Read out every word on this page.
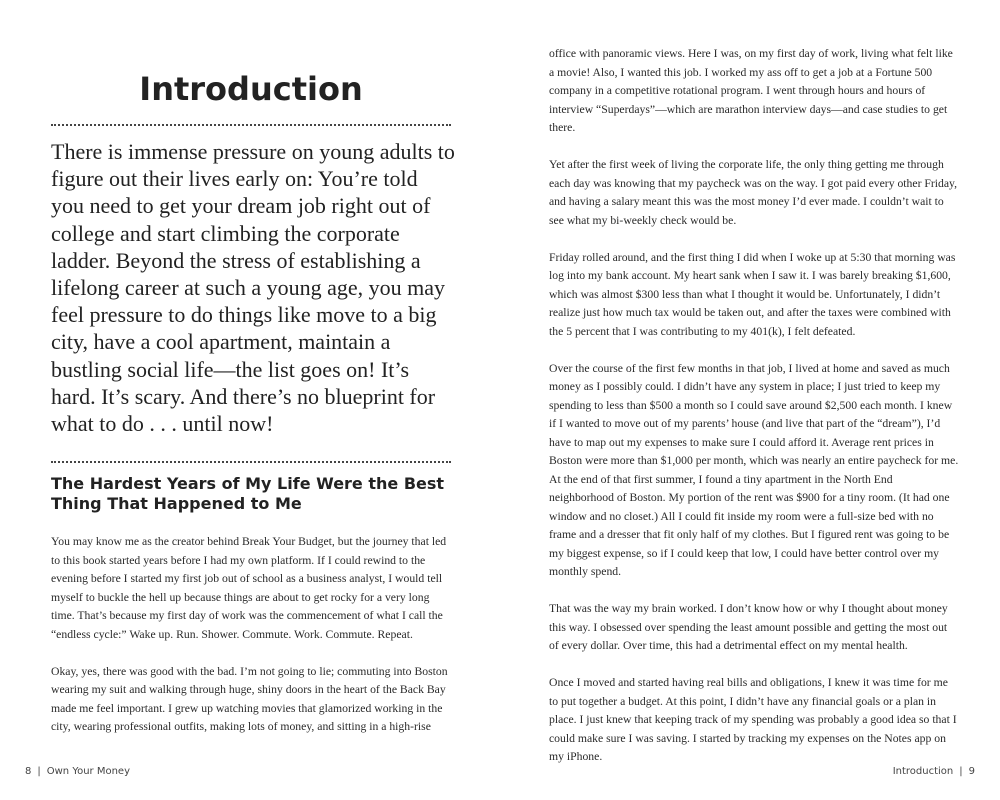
Introduction

There is immense pressure on young adults to figure out their lives early on: You’re told you need to get your dream job right out of college and start climbing the corporate ladder. Beyond the stress of establishing a lifelong career at such a young age, you may feel pressure to do things like move to a big city, have a cool apartment, maintain a bustling social life—the list goes on! It’s hard. It’s scary. And there’s no blueprint for what to do . . . until now!

The Hardest Years of My Life Were the Best Thing That Happened to Me

You may know me as the creator behind Break Your Budget, but the journey that led to this book started years before I had my own platform. If I could rewind to the evening before I started my first job out of school as a business analyst, I would tell myself to buckle the hell up because things are about to get rocky for a very long time. That’s because my first day of work was the commencement of what I call the “endless cycle:” Wake up. Run. Shower. Commute. Work. Commute. Repeat.

Okay, yes, there was good with the bad. I’m not going to lie; commuting into Boston wearing my suit and walking through huge, shiny doors in the heart of the Back Bay made me feel important. I grew up watching movies that glamorized working in the city, wearing professional outfits, making lots of money, and sitting in a high-rise

8 | Own Your Money

office with panoramic views. Here I was, on my first day of work, living what felt like a movie! Also, I wanted this job. I worked my ass off to get a job at a Fortune 500 company in a competitive rotational program. I went through hours and hours of interview “Superdays”—which are marathon interview days—and case studies to get there.

Yet after the first week of living the corporate life, the only thing getting me through each day was knowing that my paycheck was on the way. I got paid every other Friday, and having a salary meant this was the most money I’d ever made. I couldn’t wait to see what my bi-weekly check would be.

Friday rolled around, and the first thing I did when I woke up at 5:30 that morning was log into my bank account. My heart sank when I saw it. I was barely breaking $1,600, which was almost $300 less than what I thought it would be. Unfortunately, I didn’t realize just how much tax would be taken out, and after the taxes were combined with the 5 percent that I was contributing to my 401(k), I felt defeated.

Over the course of the first few months in that job, I lived at home and saved as much money as I possibly could. I didn’t have any system in place; I just tried to keep my spending to less than $500 a month so I could save around $2,500 each month. I knew if I wanted to move out of my parents’ house (and live that part of the “dream”), I’d have to map out my expenses to make sure I could afford it. Average rent prices in Boston were more than $1,000 per month, which was nearly an entire paycheck for me. At the end of that first summer, I found a tiny apartment in the North End neighborhood of Boston. My portion of the rent was $900 for a tiny room. (It had one window and no closet.) All I could fit inside my room were a full-size bed with no frame and a dresser that fit only half of my clothes. But I figured rent was going to be my biggest expense, so if I could keep that low, I could have better control over my monthly spend.

That was the way my brain worked. I don’t know how or why I thought about money this way. I obsessed over spending the least amount possible and getting the most out of every dollar. Over time, this had a detrimental effect on my mental health.

Once I moved and started having real bills and obligations, I knew it was time for me to put together a budget. At this point, I didn’t have any financial goals or a plan in place. I just knew that keeping track of my spending was probably a good idea so that I could make sure I was saving. I started by tracking my expenses on the Notes app on my iPhone.

Introduction | 9
